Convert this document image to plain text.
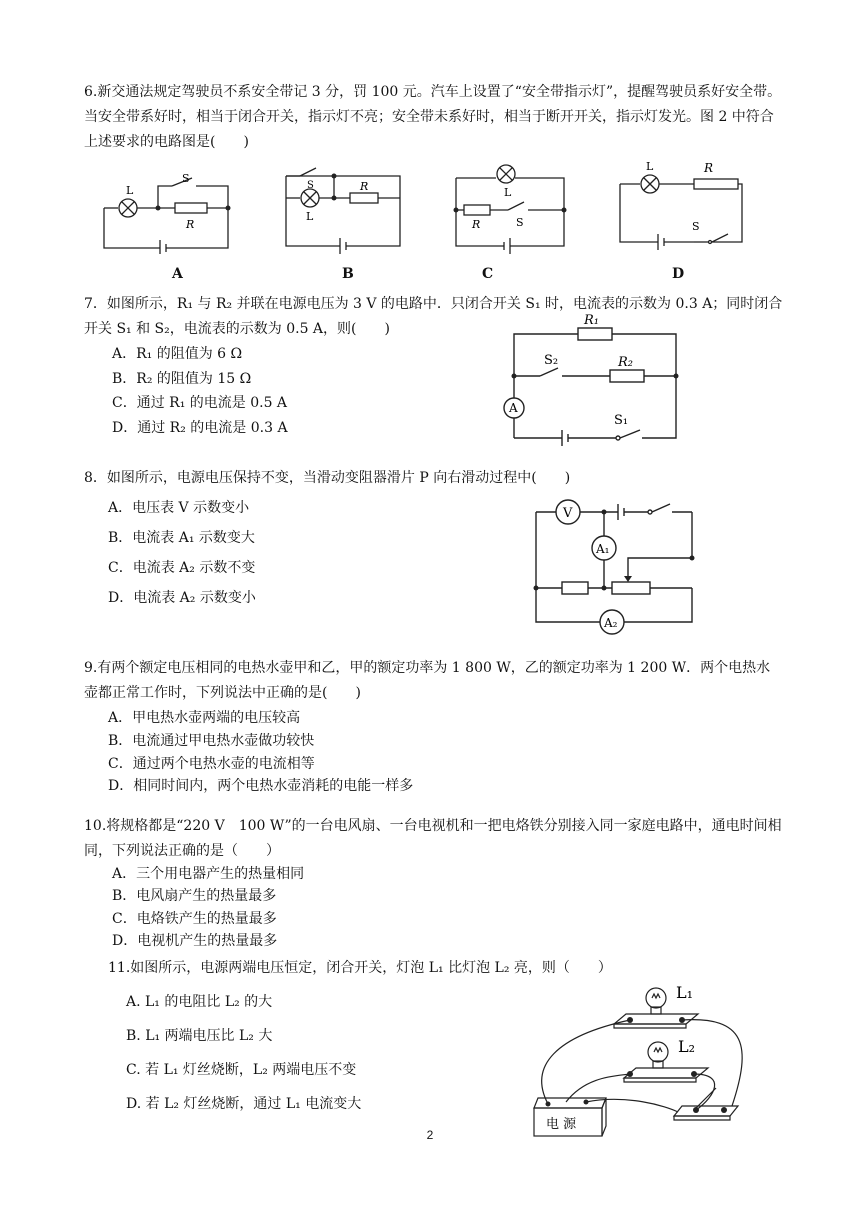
6.新交通法规定驾驶员不系安全带记 3 分，罚 100 元。汽车上设置了“安全带指示灯”，提醒驾驶员系好安全带。当安全带系好时，相当于闭合开关，指示灯不亮；安全带未系好时，相当于断开开关，指示灯发光。图 2 中符合上述要求的电路图是(　　)
L
S
R
A
S
L
R
B
L
R	S
C
L	R
S
D
7．如图所示，R₁ 与 R₂ 并联在电源电压为 3 V 的电路中．只闭合开关 S₁ 时，电流表的示数为 0.3 A；同时闭合开关 S₁ 和 S₂，电流表的示数为 0.5 A，则(　　)
A．R₁ 的阻值为 6 Ω
B．R₂ 的阻值为 15 Ω
C．通过 R₁ 的电流是 0.5 A
D．通过 R₂ 的电流是 0.3 A
R₁
R₂
S₂
S₁
A
8．如图所示，电源电压保持不变，当滑动变阻器滑片 P 向右滑动过程中(　　)
A．电压表 V 示数变小
B．电流表 A₁ 示数变大
C．电流表 A₂ 示数不变
D．电流表 A₂ 示数变小
V
A₁
A₂
9.有两个额定电压相同的电热水壶甲和乙，甲的额定功率为 1 800 W，乙的额定功率为 1 200 W．两个电热水壶都正常工作时，下列说法中正确的是(　　)
A．甲电热水壶两端的电压较高
B．电流通过甲电热水壶做功较快
C．通过两个电热水壶的电流相等
D．相同时间内，两个电热水壶消耗的电能一样多
10.将规格都是“220 V　100 W”的一台电风扇、一台电视机和一把电烙铁分别接入同一家庭电路中，通电时间相同，下列说法正确的是（　　）
A．三个用电器产生的热量相同
B．电风扇产生的热量最多
C．电烙铁产生的热量最多
D．电视机产生的热量最多
11.如图所示，电源两端电压恒定，闭合开关，灯泡 L₁ 比灯泡 L₂ 亮，则（　　）
A. L₁ 的电阻比 L₂ 的大
B. L₁ 两端电压比 L₂ 大
C. 若 L₁ 灯丝烧断，L₂ 两端电压不变
D. 若 L₂ 灯丝烧断，通过 L₁ 电流变大
L₁
L₂
电 源
2
